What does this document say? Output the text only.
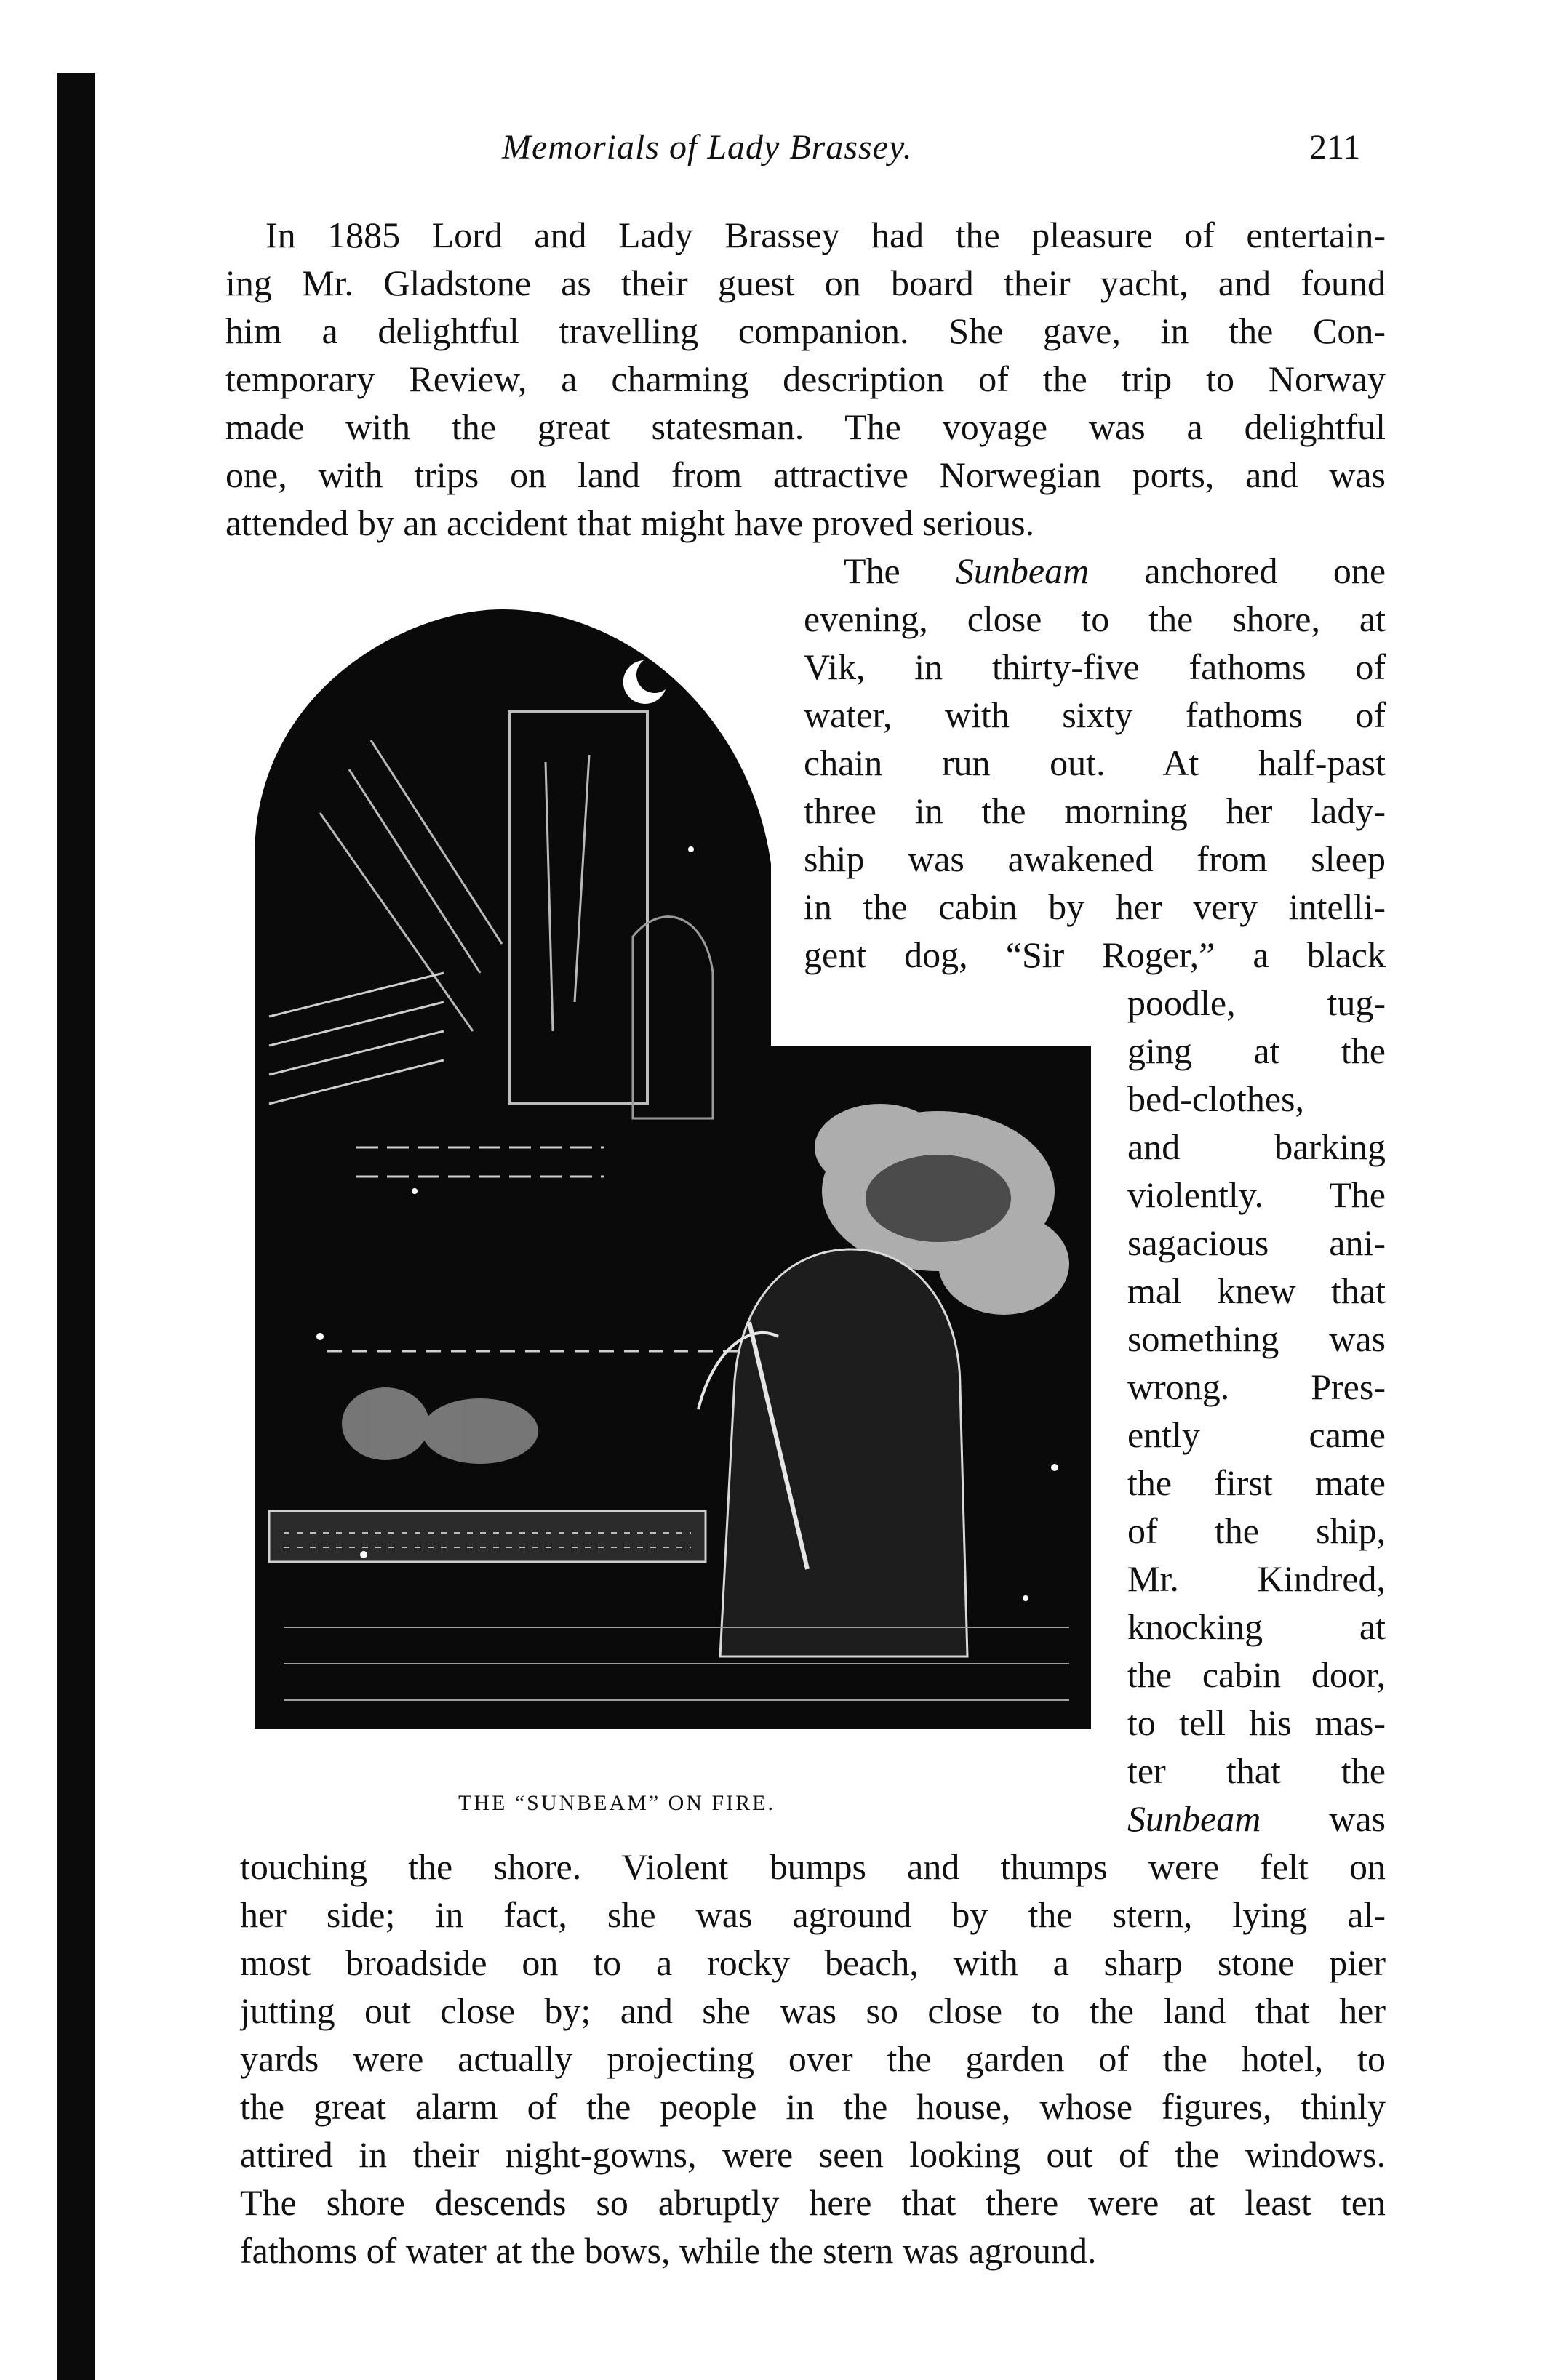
Memorials of Lady Brassey.	211
In 1885 Lord and Lady Brassey had the pleasure of entertain-
ing Mr. Gladstone as their guest on board their yacht, and found
him a delightful travelling companion. She gave, in the Con-
temporary Review, a charming description of the trip to Norway
made with the great statesman. The voyage was a delightful
one, with trips on land from attractive Norwegian ports, and was
attended by an accident that might have proved serious.
THE “SUNBEAM” ON FIRE.
The Sunbeam anchored one
evening, close to the shore, at
Vik, in thirty-five fathoms of
water, with sixty fathoms of
chain run out. At half-past
three in the morning her lady-
ship was awakened from sleep
in the cabin by her very intelli-
gent dog, “Sir Roger,” a black
poodle, tug-
ging at the
bed-clothes,
and barking
violently. The
sagacious ani-
mal knew that
something was
wrong. Pres-
ently came
the first mate
of the ship,
Mr. Kindred,
knocking at
the cabin door,
to tell his mas-
ter that the
Sunbeam was
touching the shore. Violent bumps and thumps were felt on
her side; in fact, she was aground by the stern, lying al-
most broadside on to a rocky beach, with a sharp stone pier
jutting out close by; and she was so close to the land that her
yards were actually projecting over the garden of the hotel, to
the great alarm of the people in the house, whose figures, thinly
attired in their night-gowns, were seen looking out of the windows.
The shore descends so abruptly here that there were at least ten
fathoms of water at the bows, while the stern was aground.
